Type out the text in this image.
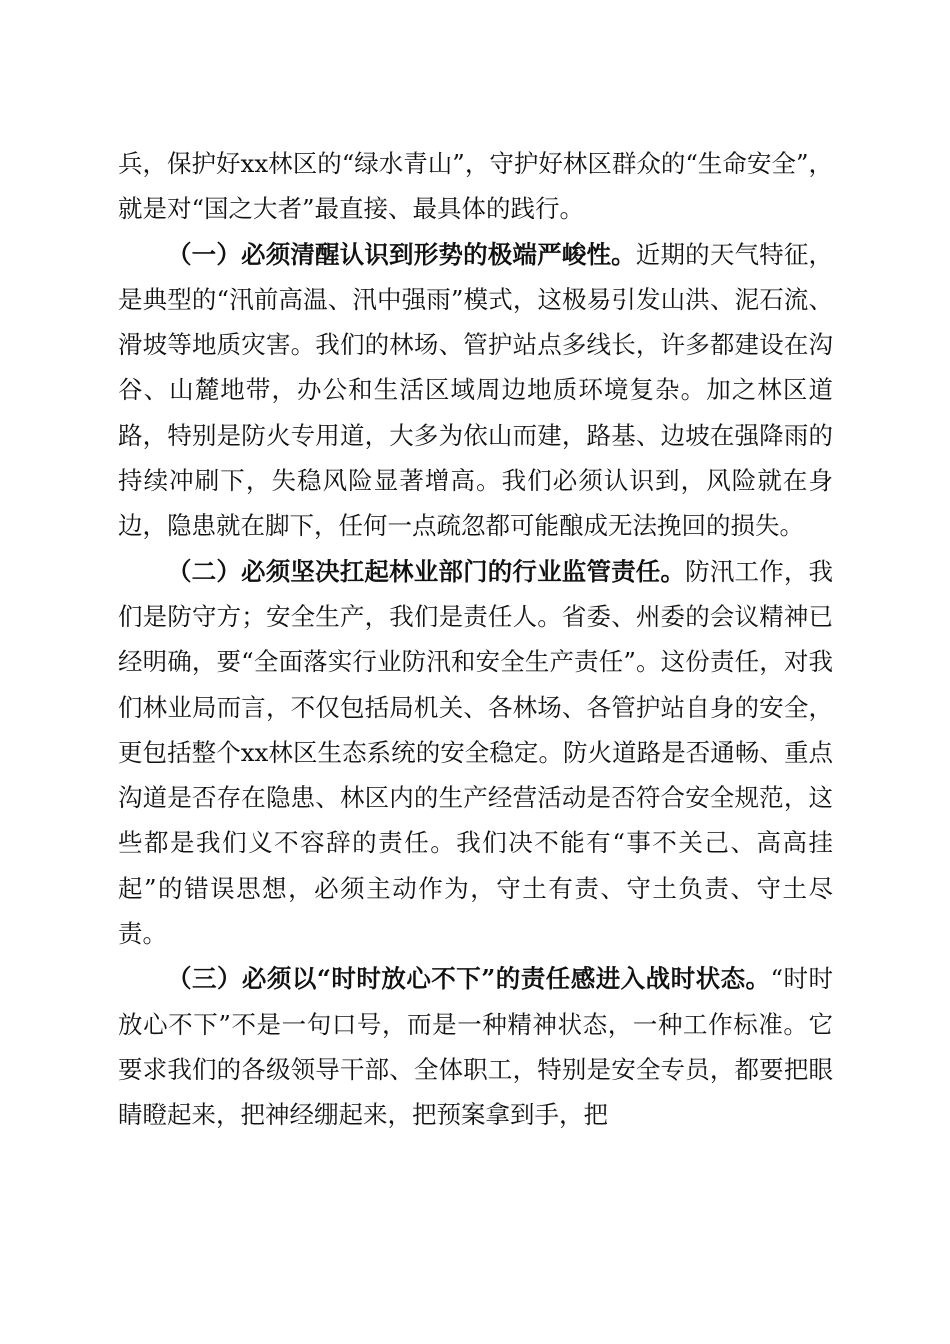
兵，保护好xx林区的“绿水青山”，守护好林区群众的“生命安全”，就是对“国之大者”最直接、最具体的践行。

（一）必须清醒认识到形势的极端严峻性。近期的天气特征，是典型的“汛前高温、汛中强雨”模式，这极易引发山洪、泥石流、滑坡等地质灾害。我们的林场、管护站点多线长，许多都建设在沟谷、山麓地带，办公和生活区域周边地质环境复杂。加之林区道路，特别是防火专用道，大多为依山而建，路基、边坡在强降雨的持续冲刷下，失稳风险显著增高。我们必须认识到，风险就在身边，隐患就在脚下，任何一点疏忽都可能酿成无法挽回的损失。

（二）必须坚决扛起林业部门的行业监管责任。防汛工作，我们是防守方；安全生产，我们是责任人。省委、州委的会议精神已经明确，要“全面落实行业防汛和安全生产责任”。这份责任，对我们林业局而言，不仅包括局机关、各林场、各管护站自身的安全，更包括整个xx林区生态系统的安全稳定。防火道路是否通畅、重点沟道是否存在隐患、林区内的生产经营活动是否符合安全规范，这些都是我们义不容辞的责任。我们决不能有“事不关己、高高挂起”的错误思想，必须主动作为，守土有责、守土负责、守土尽责。

（三）必须以“时时放心不下”的责任感进入战时状态。“时时放心不下”不是一句口号，而是一种精神状态，一种工作标准。它要求我们的各级领导干部、全体职工，特别是安全专员，都要把眼睛瞪起来，把神经绷起来，把预案拿到手，把
